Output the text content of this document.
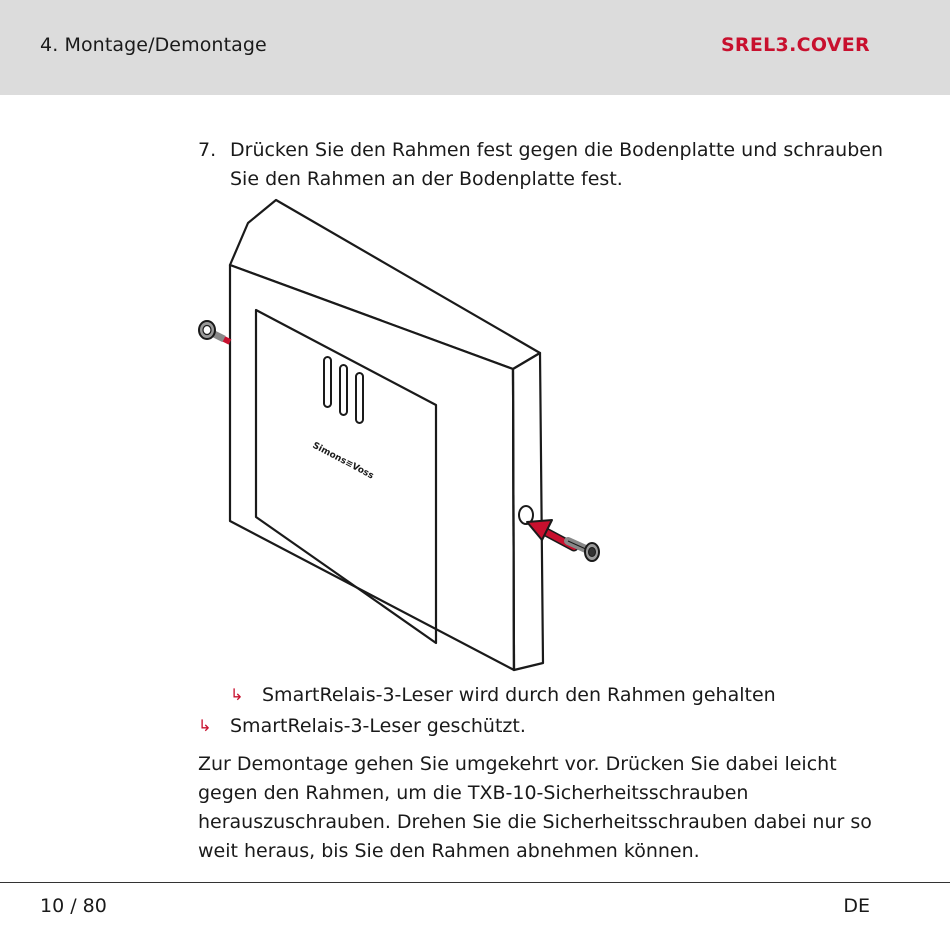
4. Montage/Demontage	SREL3.COVER
7. Drücken Sie den Rahmen fest gegen die Bodenplatte und schrauben Sie den Rahmen an der Bodenplatte fest.
Simons≡Voss
↳ SmartRelais-3-Leser wird durch den Rahmen gehalten
↳ SmartRelais-3-Leser geschützt.
Zur Demontage gehen Sie umgekehrt vor. Drücken Sie dabei leicht gegen den Rahmen, um die TXB-10-Sicherheitsschrauben herauszuschrauben. Drehen Sie die Sicherheitsschrauben dabei nur so weit heraus, bis Sie den Rahmen abnehmen können.
10 / 80	DE
